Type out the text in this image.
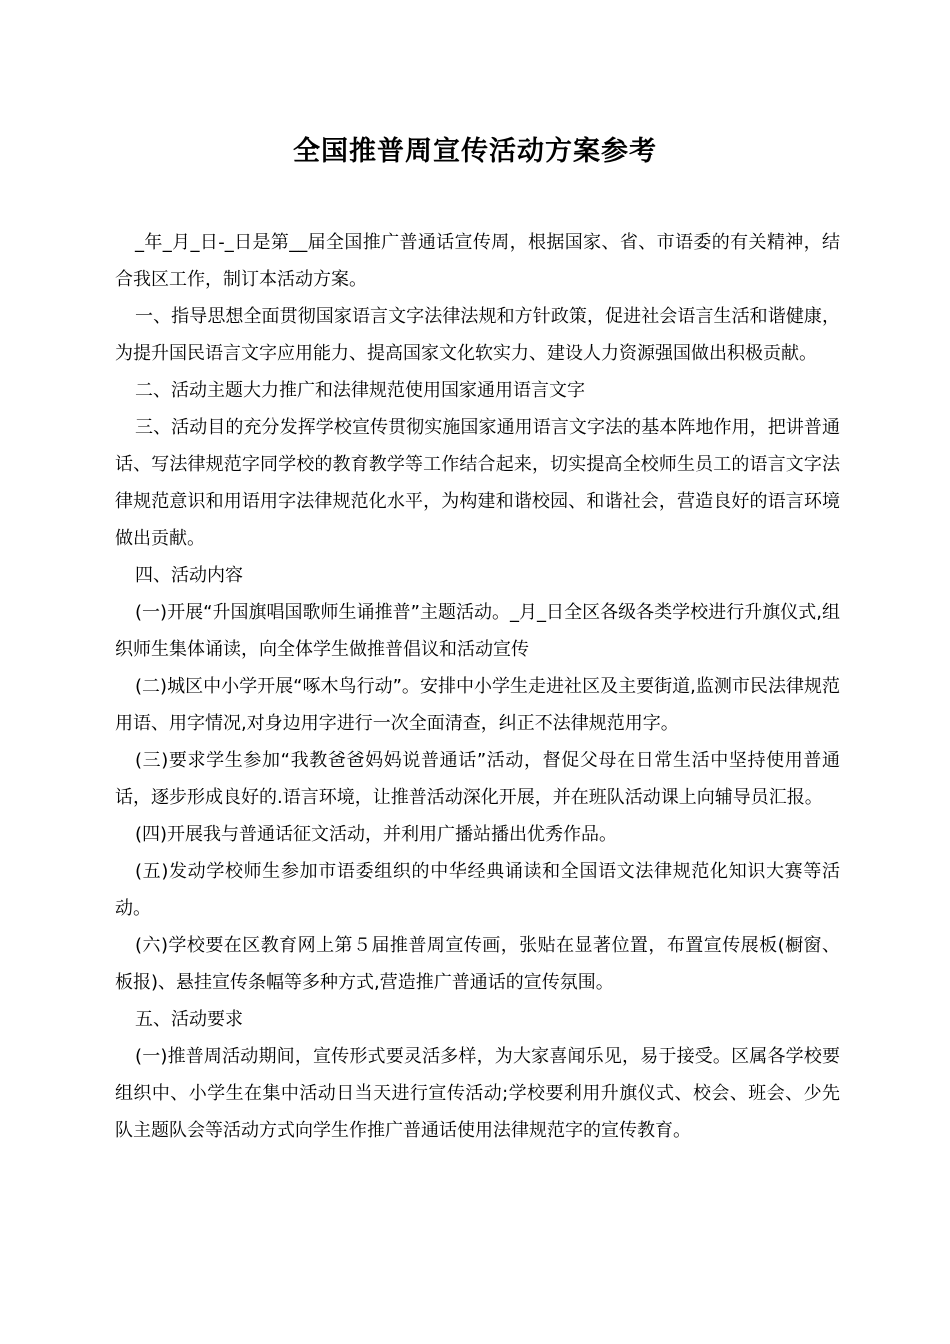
全国推普周宣传活动方案参考

_年_月_日-_日是第__届全国推广普通话宣传周，根据国家、省、市语委的有关精神，结合我区工作，制订本活动方案。

一、指导思想全面贯彻国家语言文字法律法规和方针政策，促进社会语言生活和谐健康，为提升国民语言文字应用能力、提高国家文化软实力、建设人力资源强国做出积极贡献。

二、活动主题大力推广和法律规范使用国家通用语言文字

三、活动目的充分发挥学校宣传贯彻实施国家通用语言文字法的基本阵地作用，把讲普通话、写法律规范字同学校的教育教学等工作结合起来，切实提高全校师生员工的语言文字法律规范意识和用语用字法律规范化水平，为构建和谐校园、和谐社会，营造良好的语言环境做出贡献。

四、活动内容

(一)开展“升国旗唱国歌师生诵推普”主题活动。_月_日全区各级各类学校进行升旗仪式,组织师生集体诵读，向全体学生做推普倡议和活动宣传

(二)城区中小学开展“啄木鸟行动”。安排中小学生走进社区及主要街道,监测市民法律规范用语、用字情况,对身边用字进行一次全面清查，纠正不法律规范用字。

(三)要求学生参加“我教爸爸妈妈说普通话”活动，督促父母在日常生活中坚持使用普通话，逐步形成良好的.语言环境，让推普活动深化开展，并在班队活动课上向辅导员汇报。

(四)开展我与普通话征文活动，并利用广播站播出优秀作品。

(五)发动学校师生参加市语委组织的中华经典诵读和全国语文法律规范化知识大赛等活动。

(六)学校要在区教育网上第５届推普周宣传画，张贴在显著位置，布置宣传展板(橱窗、板报)、悬挂宣传条幅等多种方式,营造推广普通话的宣传氛围。

五、活动要求

(一)推普周活动期间，宣传形式要灵活多样，为大家喜闻乐见，易于接受。区属各学校要组织中、小学生在集中活动日当天进行宣传活动;学校要利用升旗仪式、校会、班会、少先队主题队会等活动方式向学生作推广普通话使用法律规范字的宣传教育。
